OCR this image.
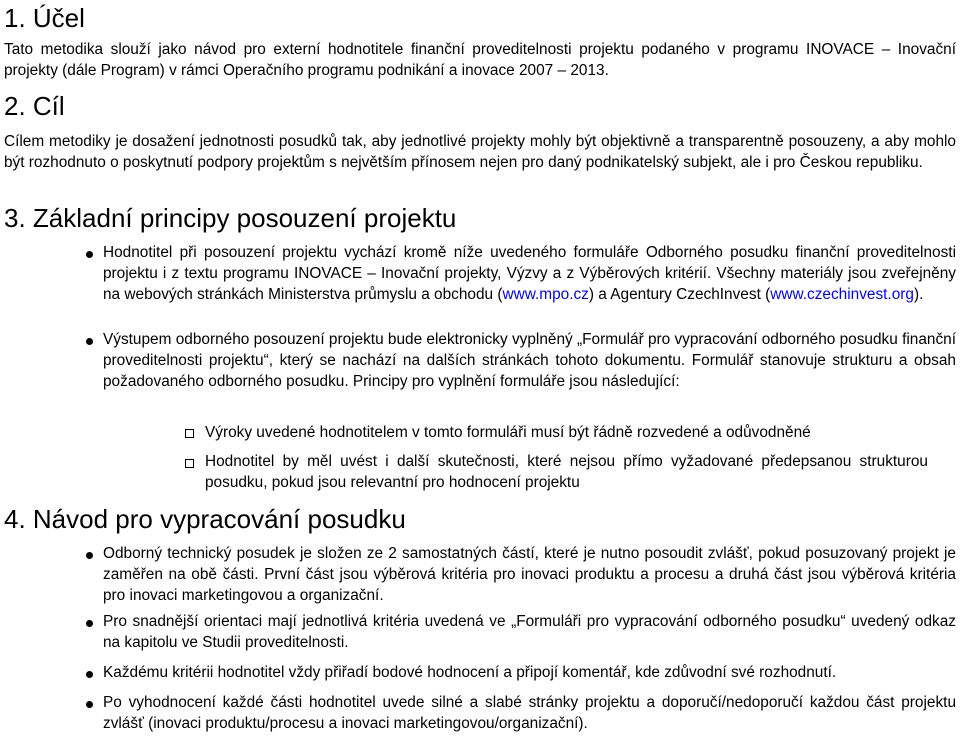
1. Účel

Tato metodika slouží jako návod pro externí hodnotitele finanční proveditelnosti projektu podaného v programu INOVACE – Inovační projekty (dále Program) v rámci Operačního programu podnikání a inovace 2007 – 2013.

2. Cíl

Cílem metodiky je dosažení jednotnosti posudků tak, aby jednotlivé projekty mohly být objektivně a transparentně posouzeny, a aby mohlo být rozhodnuto o poskytnutí podpory projektům s největším přínosem nejen pro daný podnikatelský subjekt, ale i pro Českou republiku.

3. Základní principy posouzení projektu

Hodnotitel při posouzení projektu vychází kromě níže uvedeného formuláře Odborného posudku finanční proveditelnosti projektu i z textu programu INOVACE – Inovační projekty, Výzvy a z Výběrových kritérií. Všechny materiály jsou zveřejněny na webových stránkách Ministerstva průmyslu a obchodu (www.mpo.cz) a Agentury CzechInvest (www.czechinvest.org).

Výstupem odborného posouzení projektu bude elektronicky vyplněný „Formulář pro vypracování odborného posudku finanční proveditelnosti projektu“, který se nachází na dalších stránkách tohoto dokumentu. Formulář stanovuje strukturu a obsah požadovaného odborného posudku. Principy pro vyplnění formuláře jsou následující:

Výroky uvedené hodnotitelem v tomto formuláři musí být řádně rozvedené a odůvodněné

Hodnotitel by měl uvést i další skutečnosti, které nejsou přímo vyžadované předepsanou strukturou posudku, pokud jsou relevantní pro hodnocení projektu

4. Návod pro vypracování posudku

Odborný technický posudek je složen ze 2 samostatných částí, které je nutno posoudit zvlášť, pokud posuzovaný projekt je zaměřen na obě části. První část jsou výběrová kritéria pro inovaci produktu a procesu a druhá část jsou výběrová kritéria pro inovaci marketingovou a organizační.

Pro snadnější orientaci mají jednotlivá kritéria uvedená ve „Formuláři pro vypracování odborného posudku“ uvedený odkaz na kapitolu ve Studii proveditelnosti.

Každému kritérii hodnotitel vždy přiřadí bodové hodnocení a připojí komentář, kde zdůvodní své rozhodnutí.

Po vyhodnocení každé části hodnotitel uvede silné a slabé stránky projektu a doporučí/nedoporučí každou část projektu zvlášť (inovaci produktu/procesu a inovaci marketingovou/organizační).
